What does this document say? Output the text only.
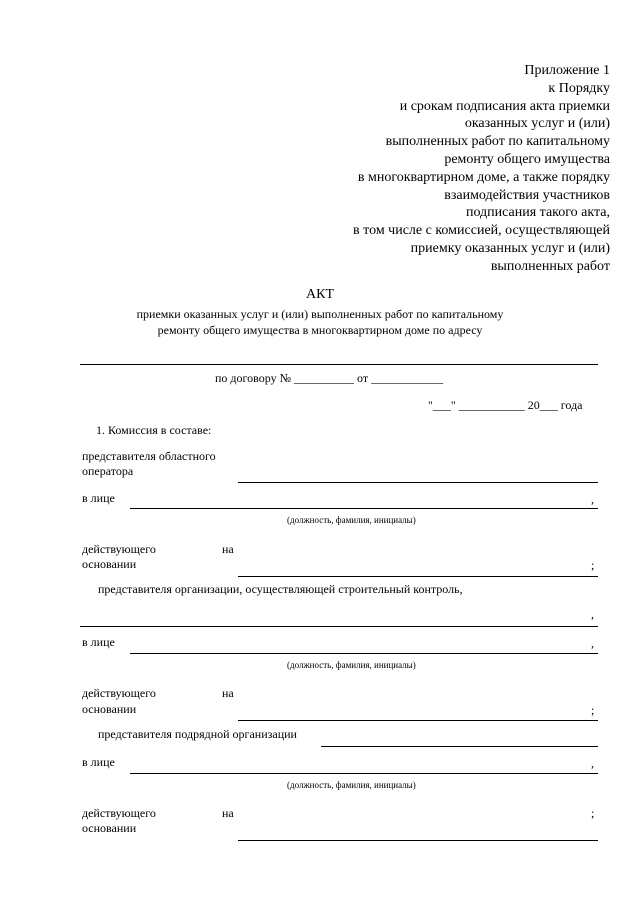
Приложение 1
к Порядку
и срокам подписания акта приемки
оказанных услуг и (или)
выполненных работ по капитальному
ремонту общего имущества
в многоквартирном доме, а также порядку
взаимодействия участников
подписания такого акта,
в том числе с комиссией, осуществляющей
приемку оказанных услуг и (или)
выполненных работ
АКТ
приемки оказанных услуг и (или) выполненных работ по капитальному
ремонту общего имущества в многоквартирном доме по адресу
по договору № __________ от ____________
"___" ___________ 20___ года
1. Комиссия в составе:
представителя областного
оператора
в лице	,
(должность, фамилия, инициалы)
действующего	на
основании	;
представителя организации, осуществляющей строительный контроль,
,
в лице	,
(должность, фамилия, инициалы)
действующего	на
основании	;
представителя подрядной организации
в лице	,
(должность, фамилия, инициалы)
действующего	на
основании
;
